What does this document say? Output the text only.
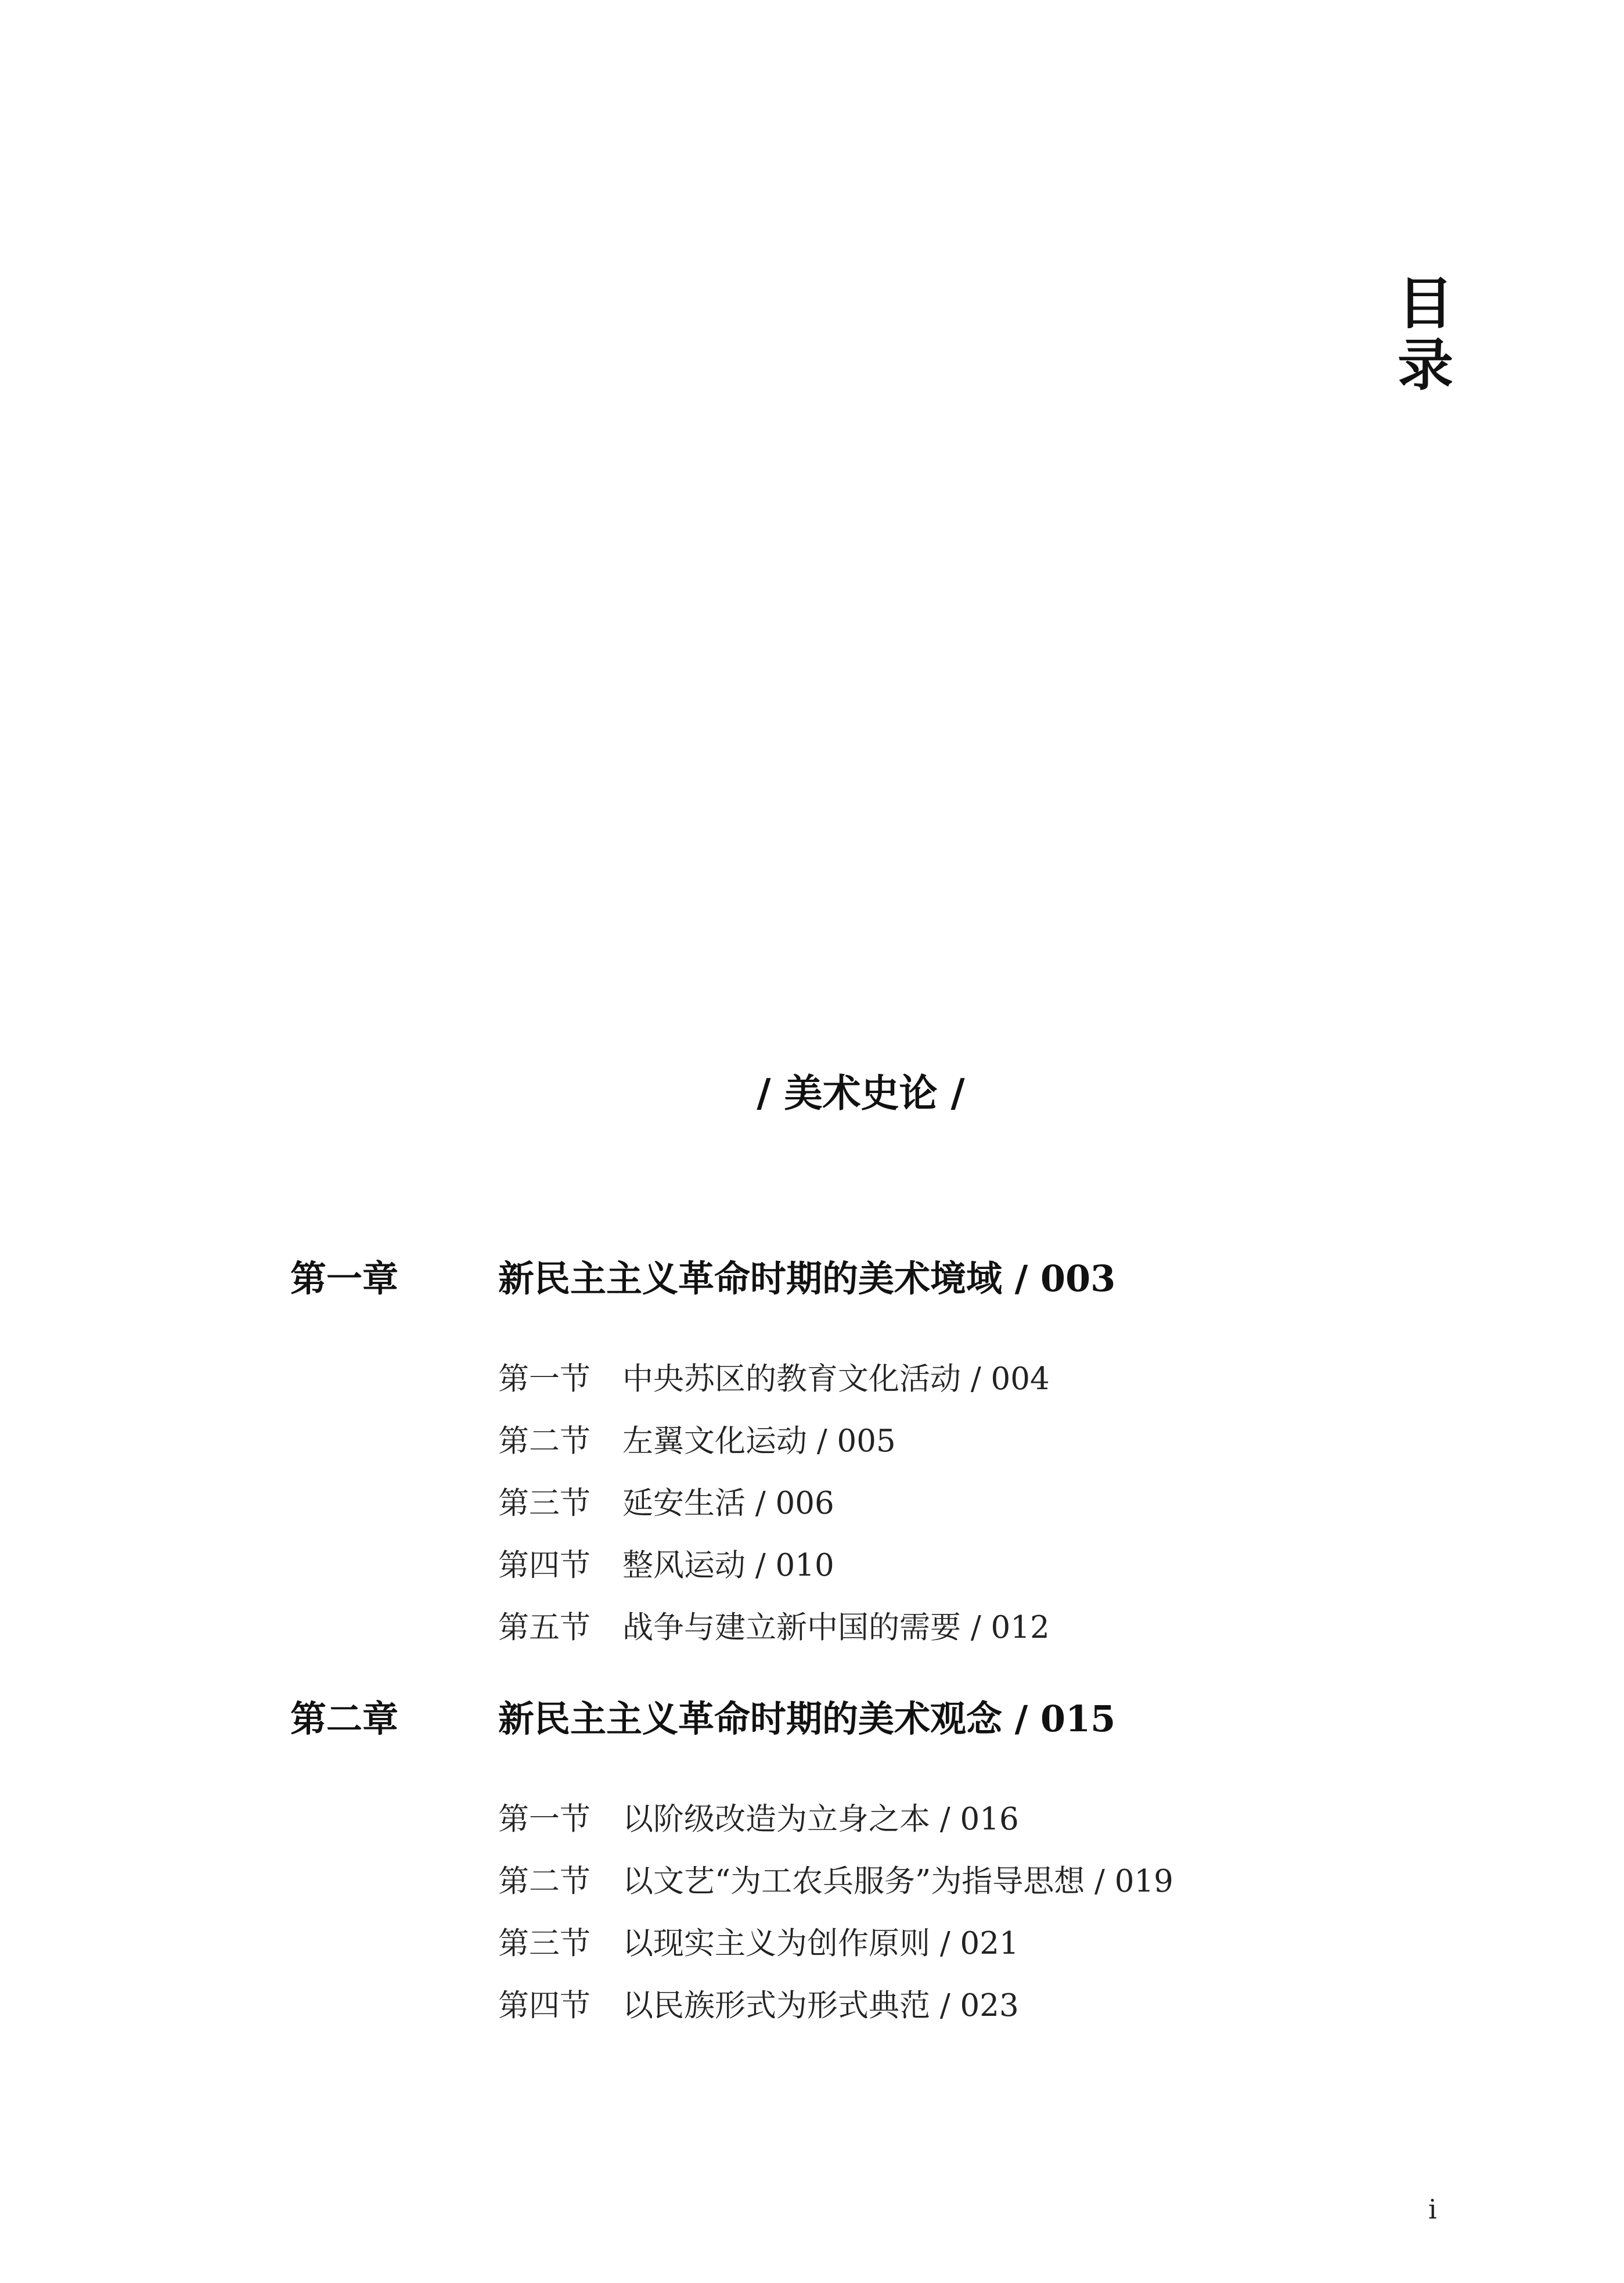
目
录
/ 美术史论 /
第一章	新民主主义革命时期的美术境域 / 003
第一节 中央苏区的教育文化活动 / 004
第二节 左翼文化运动 / 005
第三节 延安生活 / 006
第四节 整风运动 / 010
第五节 战争与建立新中国的需要 / 012
第二章	新民主主义革命时期的美术观念 / 015
第一节 以阶级改造为立身之本 / 016
第二节 以文艺“为工农兵服务”为指导思想 / 019
第三节 以现实主义为创作原则 / 021
第四节 以民族形式为形式典范 / 023
i
